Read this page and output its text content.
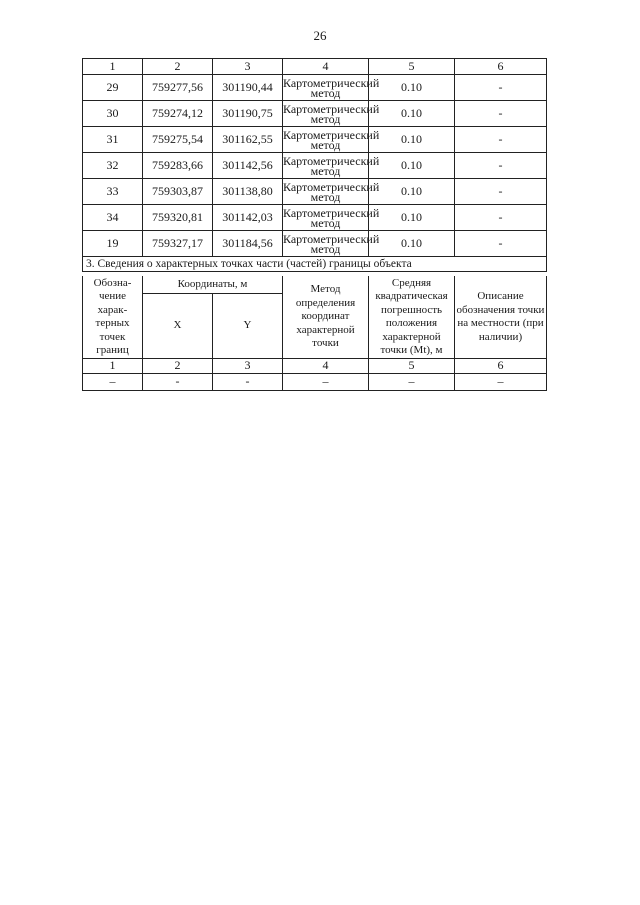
26
1	2	3	4	5	6
29	759277,56	301190,44	Картометрический метод	0.10	-
30	759274,12	301190,75	Картометрический метод	0.10	-
31	759275,54	301162,55	Картометрический метод	0.10	-
32	759283,66	301142,56	Картометрический метод	0.10	-
33	759303,87	301138,80	Картометрический метод	0.10	-
34	759320,81	301142,03	Картометрический метод	0.10	-
19	759327,17	301184,56	Картометрический метод	0.10	-
3. Сведения о характерных точках части (частей) границы объекта					
Обозна- чение харак- терных точек границ	Координаты, м		Метод определения координат характерной точки	Средняя квадратическая погрешность положения характерной точки (Mt), м	Описание обозначения точки на местности (при наличии)
	X	Y			
1	2	3	4	5	6
–	-	-	–	–	–
